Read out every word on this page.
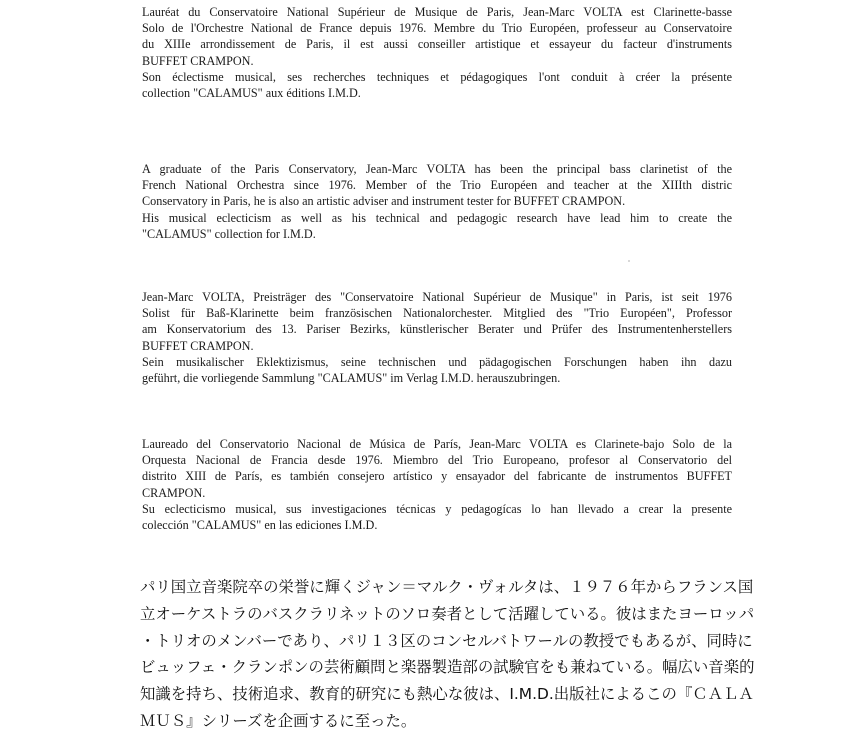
Lauréat du Conservatoire National Supérieur de Musique de Paris, Jean-Marc VOLTA est Clarinette-basse
Solo de l'Orchestre National de France depuis 1976. Membre du Trio Européen, professeur au Conservatoire
du XIIIe arrondissement de Paris, il est aussi conseiller artistique et essayeur du facteur d'instruments
BUFFET CRAMPON.
Son éclectisme musical, ses recherches techniques et pédagogiques l'ont conduit à créer la présente
collection "CALAMUS" aux éditions I.M.D.
A graduate of the Paris Conservatory, Jean-Marc VOLTA has been the principal bass clarinetist of the
French National Orchestra since 1976. Member of the Trio Européen and teacher at the XIIIth distric
Conservatory in Paris, he is also an artistic adviser and instrument tester for BUFFET CRAMPON.
His musical eclecticism as well as his technical and pedagogic research have lead him to create the
"CALAMUS" collection for I.M.D.
Jean-Marc VOLTA, Preisträger des "Conservatoire National Supérieur de Musique" in Paris, ist seit 1976
Solist für Baß-Klarinette beim französischen Nationalorchester. Mitglied des "Trio Européen", Professor
am Konservatorium des 13. Pariser Bezirks, künstlerischer Berater und Prüfer des Instrumentenherstellers
BUFFET CRAMPON.
Sein musikalischer Eklektizismus, seine technischen und pädagogischen Forschungen haben ihn dazu
geführt, die vorliegende Sammlung "CALAMUS" im Verlag I.M.D. herauszubringen.
Laureado del Conservatorio Nacional de Música de París, Jean-Marc VOLTA es Clarinete-bajo Solo de la
Orquesta Nacional de Francia desde 1976. Miembro del Trio Europeano, profesor al Conservatorio del
distrito XIII de París, es también consejero artístico y ensayador del fabricante de instrumentos BUFFET
CRAMPON.
Su eclecticismo musical, sus investigaciones técnicas y pedagogícas lo han llevado a crear la presente
colección "CALAMUS" en las ediciones I.M.D.
パリ国立音楽院卒の栄誉に輝くジャン＝マルク・ヴォルタは、１９７６年からフランス国
立オーケストラのバスクラリネットのソロ奏者として活躍している。彼はまたヨーロッパ
・トリオのメンバーであり、パリ１３区のコンセルバトワールの教授でもあるが、同時に
ビュッフェ・クランポンの芸術顧問と楽器製造部の試験官をも兼ねている。幅広い音楽的
知識を持ち、技術追求、教育的研究にも熱心な彼は、I.M.D.出版社によるこの『ＣＡＬＡ
ＭＵＳ』シリーズを企画するに至った。
